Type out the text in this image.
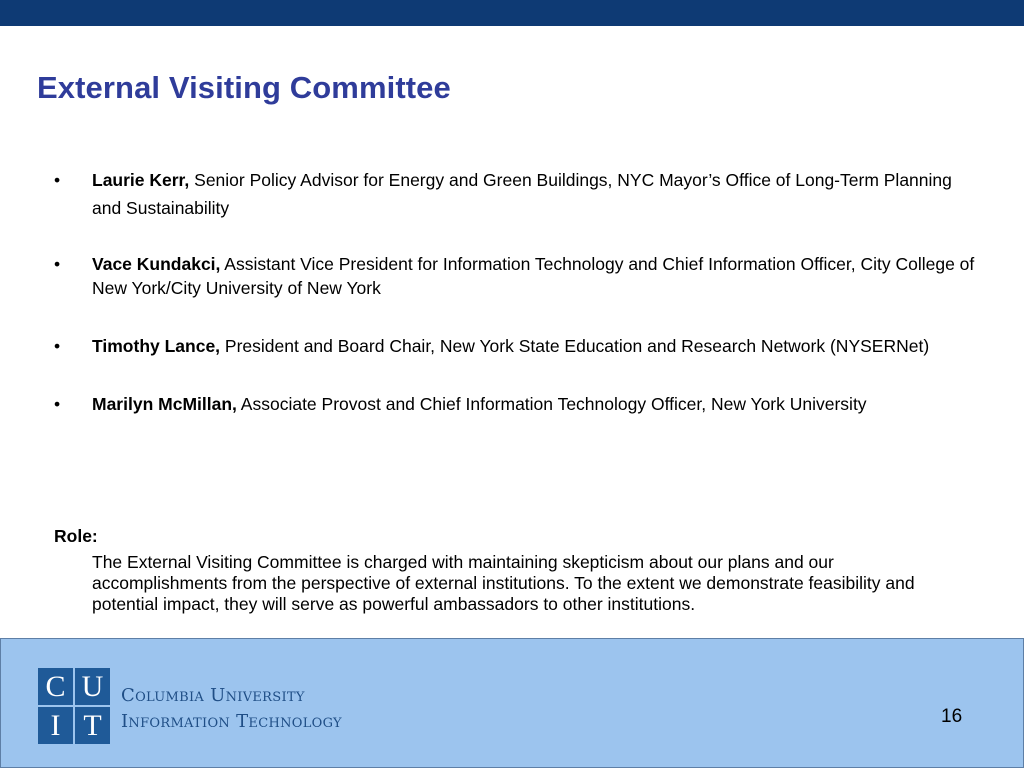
External Visiting Committee
•	Laurie Kerr, Senior Policy Advisor for Energy and Green Buildings, NYC Mayor’s Office of Long-Term Planning and Sustainability
•	Vace Kundakci, Assistant Vice President for Information Technology and Chief Information Officer, City College of New York/City University of New York
•	Timothy Lance, President and Board Chair, New York State Education and Research Network (NYSERNet)
•	Marilyn McMillan, Associate Provost and Chief Information Technology Officer, New York University

Role:

The External Visiting Committee is charged with maintaining skepticism about our plans and our accomplishments from the perspective of external institutions. To the extent we demonstrate feasibility and potential impact, they will serve as powerful ambassadors to other institutions.

C U
I T
Columbia University
Information Technology	16
